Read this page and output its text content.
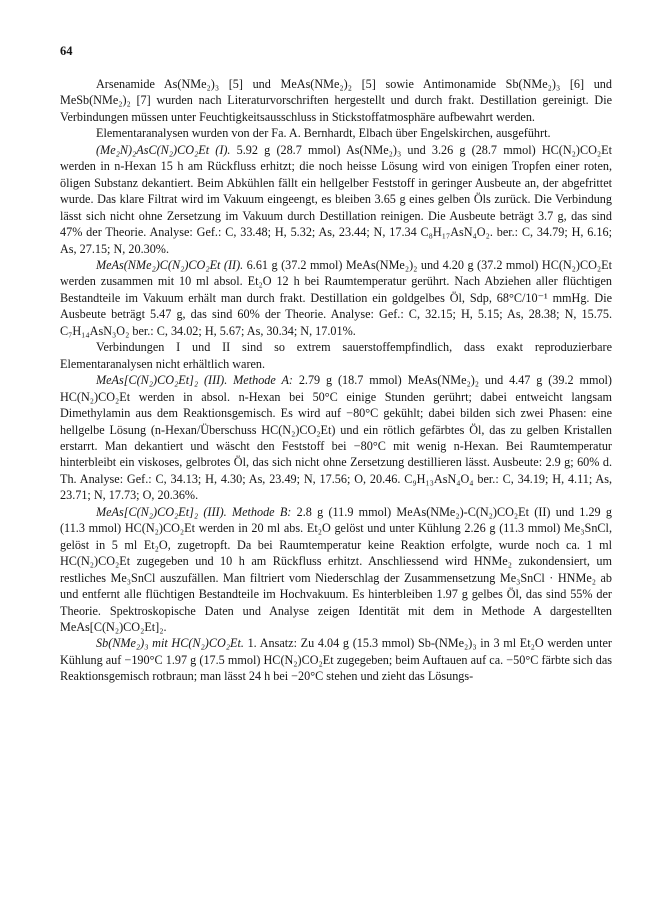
64

Arsenamide As(NMe₂)₃ [5] und MeAs(NMe₂)₂ [5] sowie Antimonamide Sb(NMe₂)₃ [6] und MeSb(NMe₂)₂ [7] wurden nach Literaturvorschriften hergestellt und durch frakt. Destillation gereinigt. Die Verbindungen müssen unter Feuchtigkeitsausschluss in Stickstoffatmosphäre aufbewahrt werden.

Elementaranalysen wurden von der Fa. A. Bernhardt, Elbach über Engelskirchen, ausgeführt.

(Me₂N)₂AsC(N₂)CO₂Et (I). 5.92 g (28.7 mmol) As(NMe₂)₃ und 3.26 g (28.7 mmol) HC(N₂)CO₂Et werden in n-Hexan 15 h am Rückfluss erhitzt; die noch heisse Lösung wird von einigen Tropfen einer roten, öligen Substanz dekantiert. Beim Abkühlen fällt ein hellgelber Feststoff in geringer Ausbeute an, der abgefrittet wurde. Das klare Filtrat wird im Vakuum eingeengt, es bleiben 3.65 g eines gelben Öls zurück. Die Verbindung lässt sich nicht ohne Zersetzung im Vakuum durch Destillation reinigen. Die Ausbeute beträgt 3.7 g, das sind 47% der Theorie. Analyse: Gef.: C, 33.48; H, 5.32; As, 23.44; N, 17.34 C₈H₁₇AsN₄O₂. ber.: C, 34.79; H, 6.16; As, 27.15; N, 20.30%.

MeAs(NMe₂)C(N₂)CO₂Et (II). 6.61 g (37.2 mmol) MeAs(NMe₂)₂ und 4.20 g (37.2 mmol) HC(N₂)CO₂Et werden zusammen mit 10 ml absol. Et₂O 12 h bei Raumtemperatur gerührt. Nach Abziehen aller flüchtigen Bestandteile im Vakuum erhält man durch frakt. Destillation ein goldgelbes Öl, Sdp, 68°C/10⁻¹ mmHg. Die Ausbeute beträgt 5.47 g, das sind 60% der Theorie. Analyse: Gef.: C, 32.15; H, 5.15; As, 28.38; N, 15.75. C₇H₁₄AsN₃O₂ ber.: C, 34.02; H, 5.67; As, 30.34; N, 17.01%.

Verbindungen I und II sind so extrem sauerstoffempfindlich, dass exakt reproduzierbare Elementaranalysen nicht erhältlich waren.

MeAs[C(N₂)CO₂Et]₂ (III). Methode A: 2.79 g (18.7 mmol) MeAs(NMe₂)₂ und 4.47 g (39.2 mmol) HC(N₂)CO₂Et werden in absol. n-Hexan bei 50°C einige Stunden gerührt; dabei entweicht langsam Dimethylamin aus dem Reaktionsgemisch. Es wird auf −80°C gekühlt; dabei bilden sich zwei Phasen: eine hellgelbe Lösung (n-Hexan/Überschuss HC(N₂)CO₂Et) und ein rötlich gefärbtes Öl, das zu gelben Kristallen erstarrt. Man dekantiert und wäscht den Feststoff bei −80°C mit wenig n-Hexan. Bei Raumtemperatur hinterbleibt ein viskoses, gelbrotes Öl, das sich nicht ohne Zersetzung destillieren lässt. Ausbeute: 2.9 g; 60% d. Th. Analyse: Gef.: C, 34.13; H, 4.30; As, 23.49; N, 17.56; O, 20.46. C₉H₁₃AsN₄O₄ ber.: C, 34.19; H, 4.11; As, 23.71; N, 17.73; O, 20.36%.

MeAs[C(N₂)CO₂Et]₂ (III). Methode B: 2.8 g (11.9 mmol) MeAs(NMe₂)-C(N₂)CO₂Et (II) und 1.29 g (11.3 mmol) HC(N₂)CO₂Et werden in 20 ml abs. Et₂O gelöst und unter Kühlung 2.26 g (11.3 mmol) Me₃SnCl, gelöst in 5 ml Et₂O, zugetropft. Da bei Raumtemperatur keine Reaktion erfolgte, wurde noch ca. 1 ml HC(N₂)CO₂Et zugegeben und 10 h am Rückfluss erhitzt. Anschliessend wird HNMe₂ zukondensiert, um restliches Me₃SnCl auszufällen. Man filtriert vom Niederschlag der Zusammensetzung Me₃SnCl · HNMe₂ ab und entfernt alle flüchtigen Bestandteile im Hochvakuum. Es hinterbleiben 1.97 g gelbes Öl, das sind 55% der Theorie. Spektroskopische Daten und Analyse zeigen Identität mit dem in Methode A dargestellten MeAs[C(N₂)CO₂Et]₂.

Sb(NMe₂)₃ mit HC(N₂)CO₂Et. 1. Ansatz: Zu 4.04 g (15.3 mmol) Sb-(NMe₂)₃ in 3 ml Et₂O werden unter Kühlung auf −190°C 1.97 g (17.5 mmol) HC(N₂)CO₂Et zugegeben; beim Auftauen auf ca. −50°C färbte sich das Reaktionsgemisch rotbraun; man lässt 24 h bei −20°C stehen und zieht das Lösungs-
